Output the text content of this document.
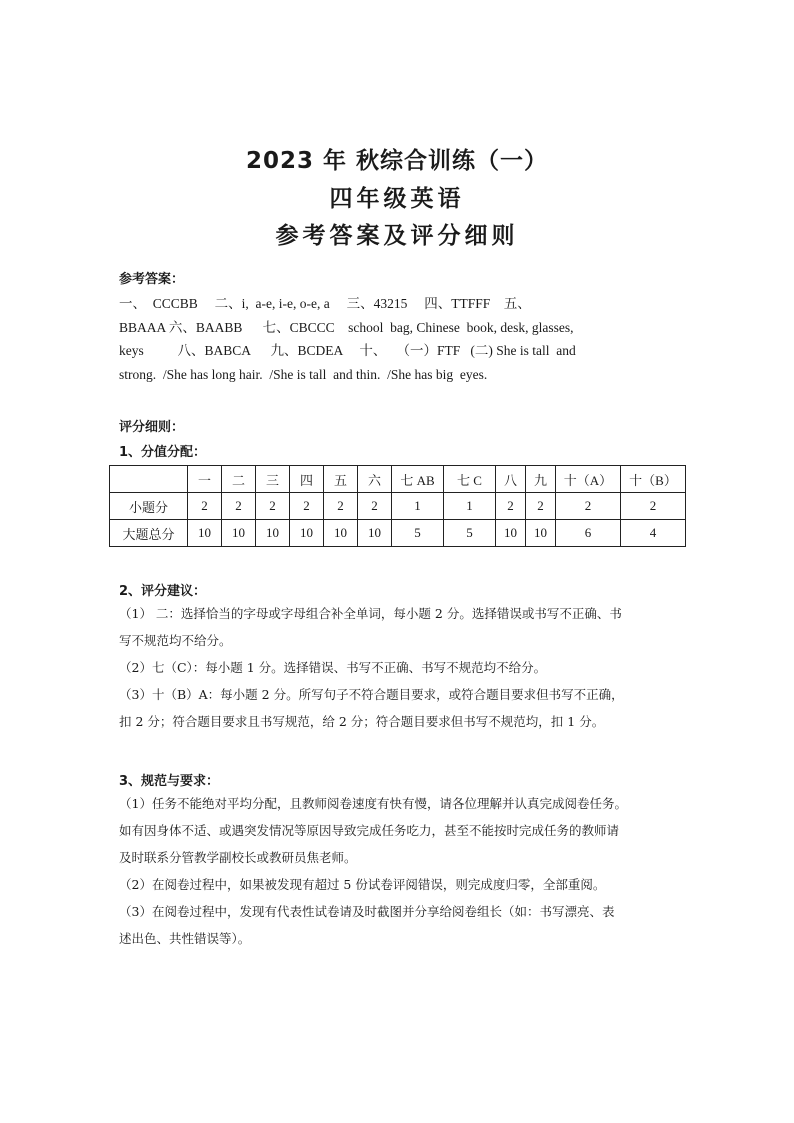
2023 年 秋综合训练（一）
四年级英语
参考答案及评分细则
参考答案：
一、  CCCBB     二、i,  a-e, i-e, o-e, a     三、43215     四、TTFFF    五、
BBAAA 六、BAABB      七、CBCCC    school  bag, Chinese  book, desk, glasses,
keys          八、BABCA      九、BCDEA     十、   （一）FTF   (二) She is tall  and
strong.  /She has long hair.  /She is tall  and thin.  /She has big  eyes.
评分细则：
1、分值分配：
	一	二	三	四	五	六	七 AB	七 C	八	九	十（A）	十（B）
小题分	2	2	2	2	2	2	1	1	2	2	2	2
大题总分	10	10	10	10	10	10	5	5	10	10	6	4
2、评分建议：

（1） 二：选择恰当的字母或字母组合补全单词，每小题 2 分。选择错误或书写不正确、书

写不规范均不给分。

（2）七（C）：每小题 1 分。选择错误、书写不正确、书写不规范均不给分。

（3）十（B）A：每小题 2 分。所写句子不符合题目要求，或符合题目要求但书写不正确，

扣 2 分；符合题目要求且书写规范，给 2 分；符合题目要求但书写不规范均，扣 1 分。

3、规范与要求：

（1）任务不能绝对平均分配，且教师阅卷速度有快有慢，请各位理解并认真完成阅卷任务。

如有因身体不适、或遇突发情况等原因导致完成任务吃力，甚至不能按时完成任务的教师请

及时联系分管教学副校长或教研员焦老师。

（2）在阅卷过程中，如果被发现有超过 5 份试卷评阅错误，则完成度归零，全部重阅。

（3）在阅卷过程中，发现有代表性试卷请及时截图并分享给阅卷组长（如：书写漂亮、表

述出色、共性错误等）。
